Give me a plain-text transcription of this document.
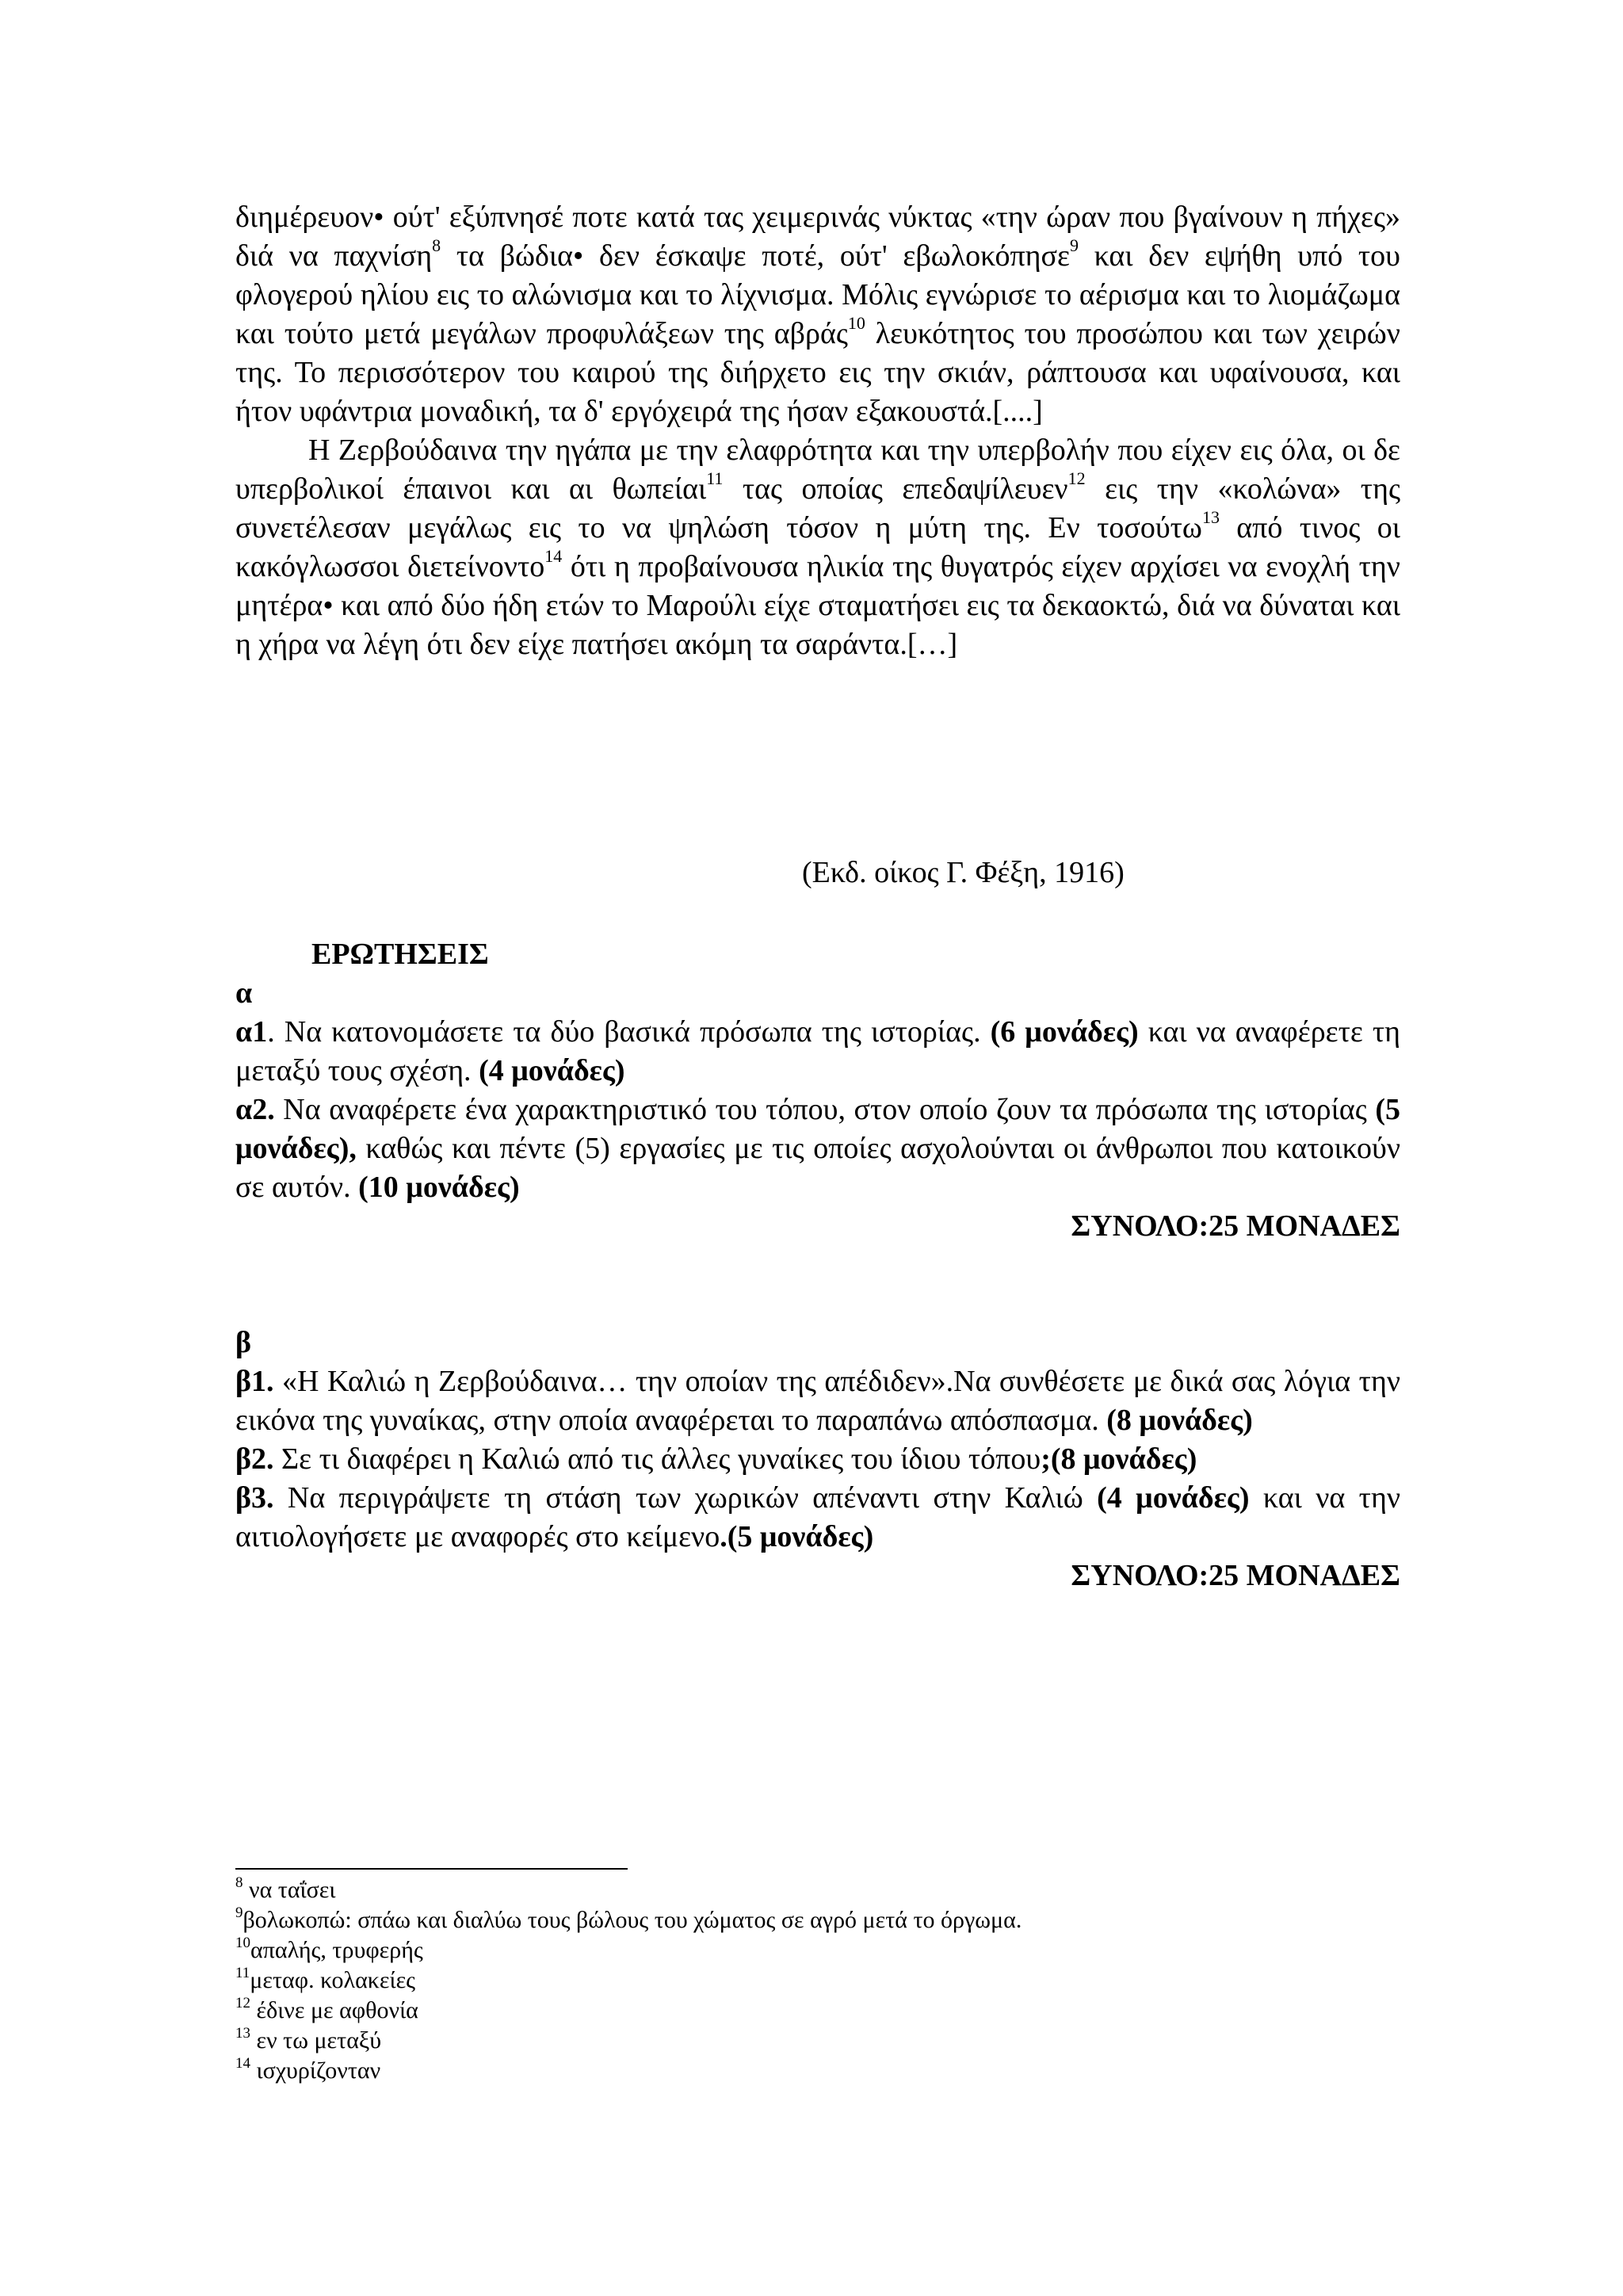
διημέρευον• ούτ' εξύπνησέ ποτε κατά τας χειμερινάς νύκτας «την ώραν που βγαίνουν η πήχες» διά να παχνίση$^8$ τα βώδια• δεν έσκαψε ποτέ, ούτ' εβωλοκόπησε$^9$ και δεν εψήθη υπό του φλογερού ηλίου εις το αλώνισμα και το λίχνισμα. Μόλις εγνώρισε το αέρισμα και το λιομάζωμα και τούτο μετά μεγάλων προφυλάξεων της αβράς$^{10}$ λευκότητος του προσώπου και των χειρών της. Το περισσότερον του καιρού της διήρχετο εις την σκιάν, ράπτουσα και υφαίνουσα, και ήτον υφάντρια μοναδική, τα δ' εργόχειρά της ήσαν εξακουστά.[....]

Η Ζερβούδαινα την ηγάπα με την ελαφρότητα και την υπερβολήν που είχεν εις όλα, οι δε υπερβολικοί έπαινοι και αι θωπείαι$^{11}$ τας οποίας επεδαψίλευεν$^{12}$ εις την «κολώνα» της συνετέλεσαν μεγάλως εις το να ψηλώση τόσον η μύτη της. Εν τοσούτω$^{13}$ από τινος οι κακόγλωσσοι διετείνοντο$^{14}$ ότι η προβαίνουσα ηλικία της θυγατρός είχεν αρχίσει να ενοχλή την μητέρα• και από δύο ήδη ετών το Μαρούλι είχε σταματήσει εις τα δεκαοκτώ, διά να δύναται και η χήρα να λέγη ότι δεν είχε πατήσει ακόμη τα σαράντα.[…]

(Εκδ. οίκος Γ. Φέξη, 1916)
ΕΡΩΤΗΣΕΙΣ

α

α1. Να κατονομάσετε τα δύο βασικά πρόσωπα της ιστορίας. (6 μονάδες) και να αναφέρετε τη μεταξύ τους σχέση. (4 μονάδες)

α2. Να αναφέρετε ένα χαρακτηριστικό του τόπου, στον οποίο ζουν τα πρόσωπα της ιστορίας (5 μονάδες), καθώς και πέντε (5) εργασίες με τις οποίες ασχολούνται οι άνθρωποι που κατοικούν σε αυτόν. (10 μονάδες)

ΣΥΝΟΛΟ:25 ΜΟΝΑΔΕΣ

β

β1. «Η Καλιώ η Ζερβούδαινα… την οποίαν της απέδιδεν».Να συνθέσετε με δικά σας λόγια την εικόνα της γυναίκας, στην οποία αναφέρεται το παραπάνω απόσπασμα. (8 μονάδες)

β2. Σε τι διαφέρει η Καλιώ από τις άλλες γυναίκες του ίδιου τόπου;(8 μονάδες)

β3. Να περιγράψετε τη στάση των χωρικών απέναντι στην Καλιώ (4 μονάδες) και να την αιτιολογήσετε με αναφορές στο κείμενο.(5 μονάδες)

ΣΥΝΟΛΟ:25 ΜΟΝΑΔΕΣ

$^8$ να ταΐσει
$^9$βολωκοπώ: σπάω και διαλύω τους βώλους του χώματος σε αγρό μετά το όργωμα.
$^{10}$απαλής, τρυφερής
$^{11}$μεταφ. κολακείες
$^{12}$ έδινε με αφθονία
$^{13}$ εν τω μεταξύ
$^{14}$ ισχυρίζονταν
